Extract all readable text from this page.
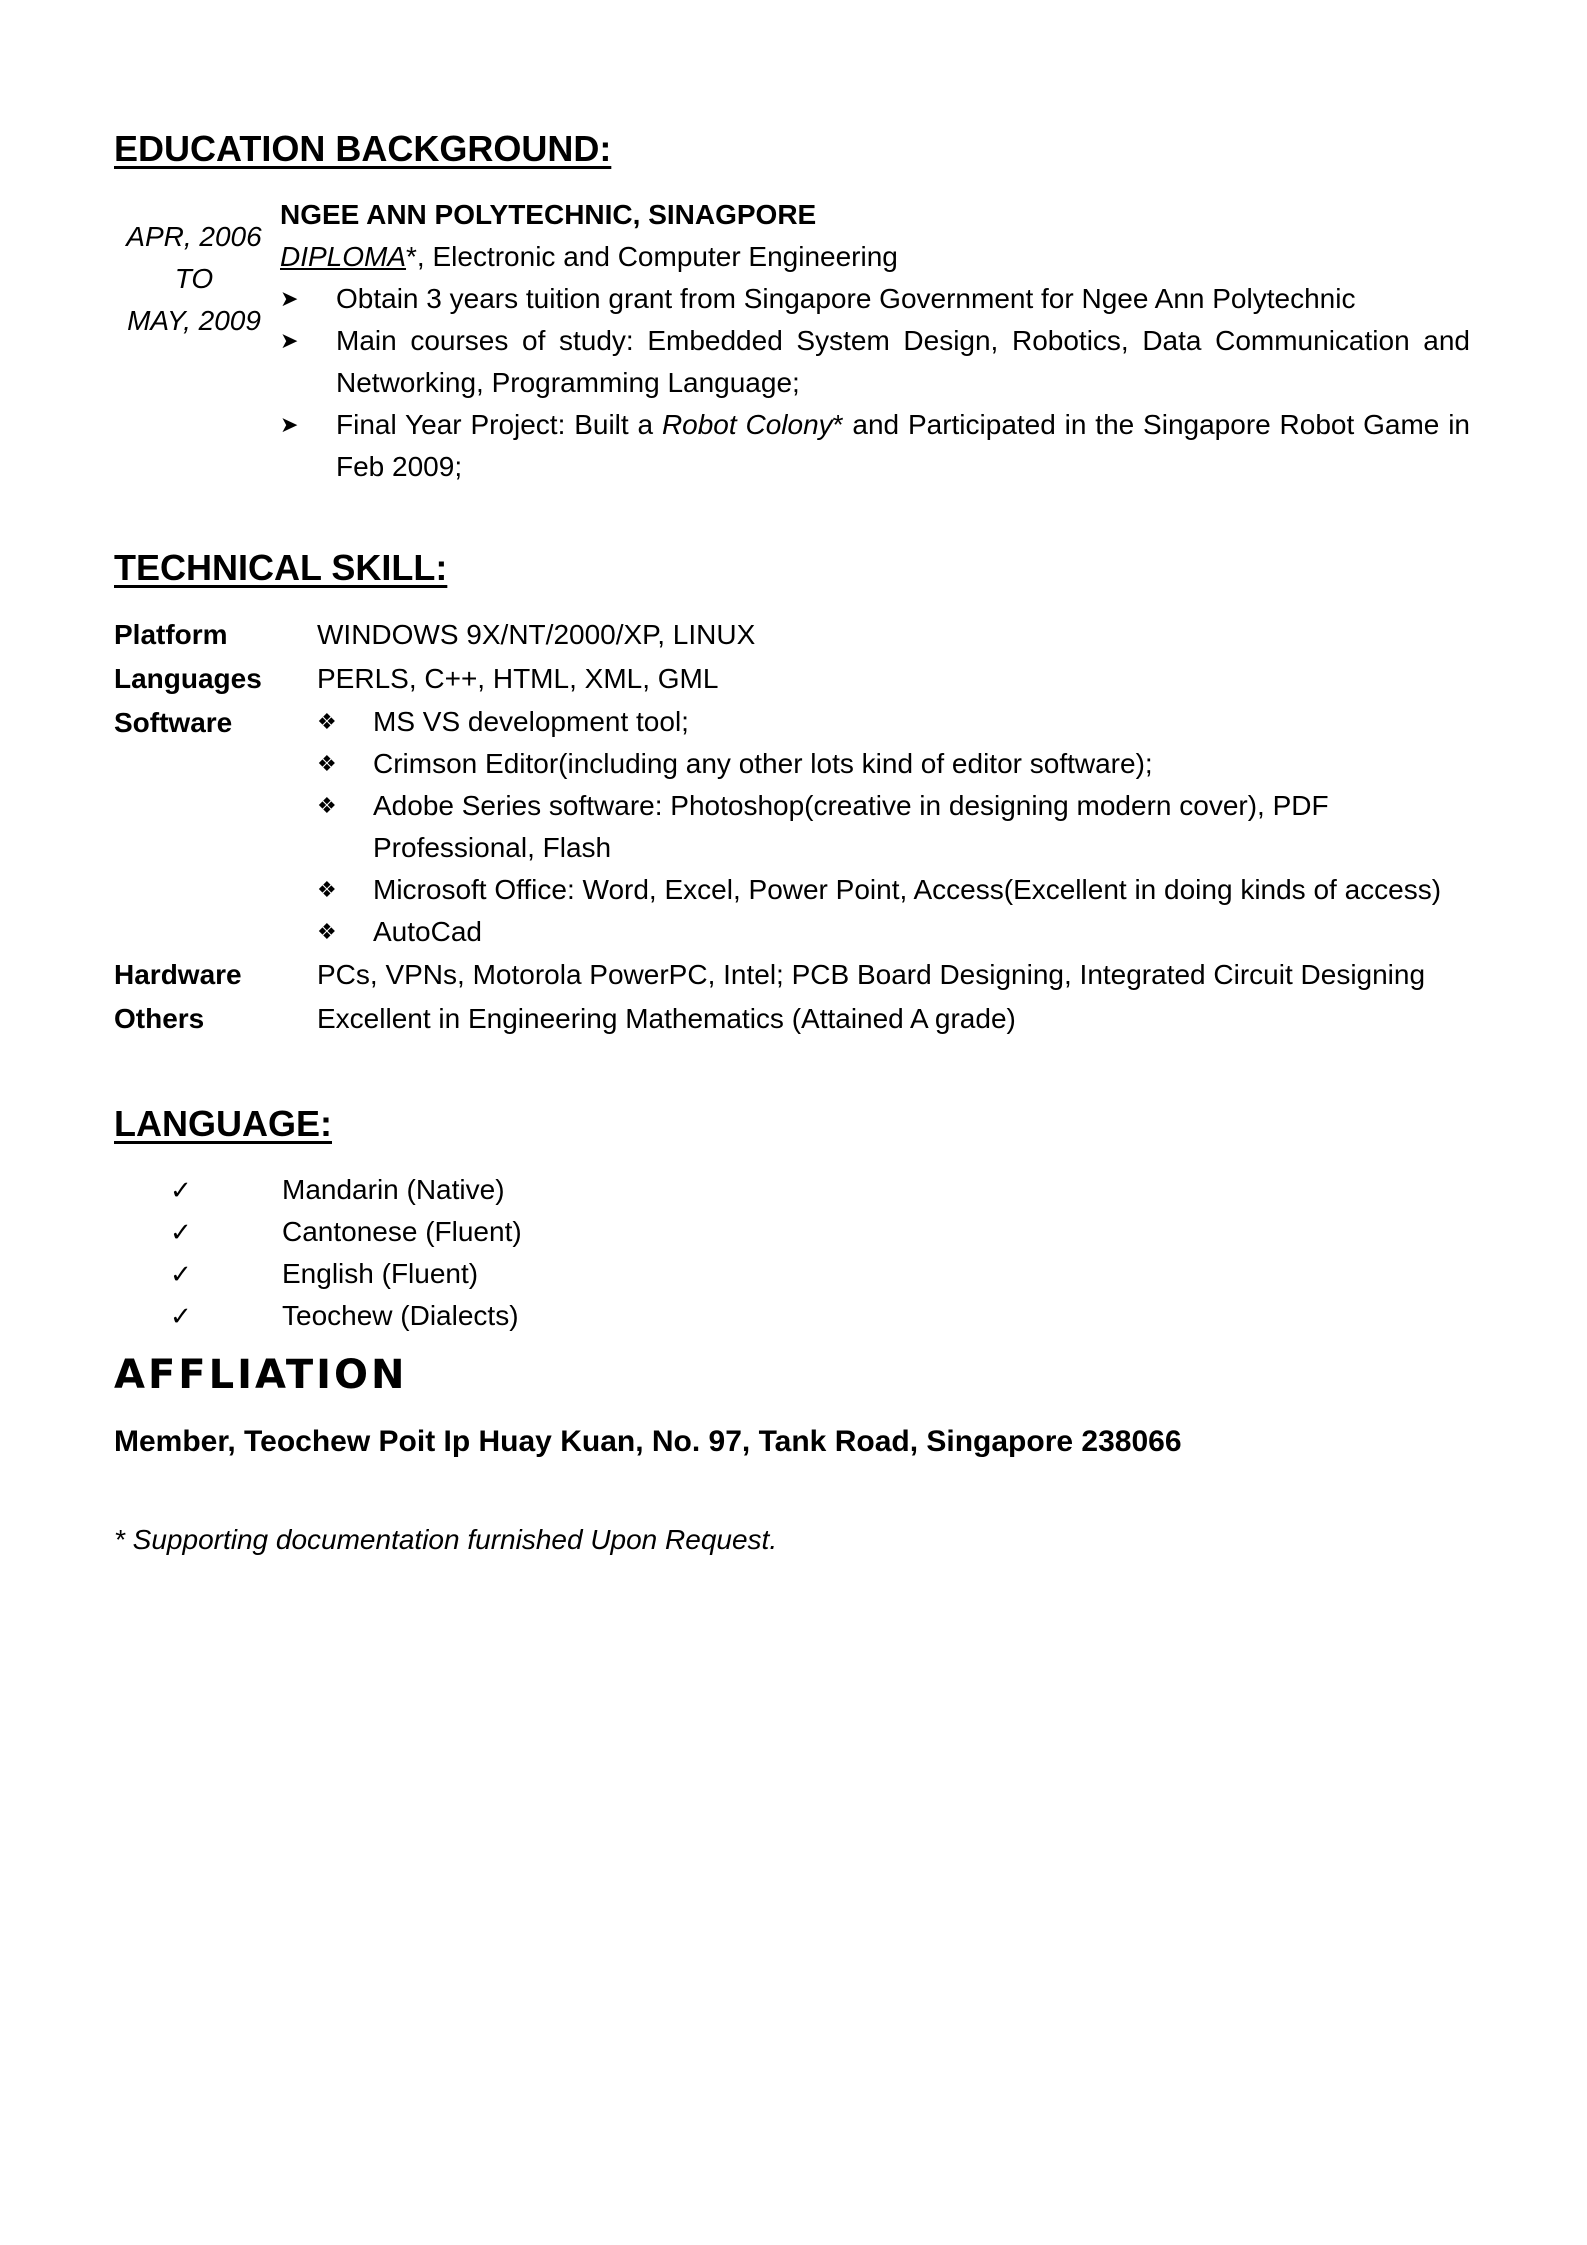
EDUCATION BACKGROUND:
APR, 2006
TO
MAY, 2009
NGEE ANN POLYTECHNIC, SINAGPORE
DIPLOMA*, Electronic and Computer Engineering
➤	Obtain 3 years tuition grant from Singapore Government for Ngee Ann Polytechnic
➤	Main courses of study: Embedded System Design, Robotics, Data Communication and Networking, Programming Language;
➤	Final Year Project: Built a Robot Colony* and Participated in the Singapore Robot Game in Feb 2009;
TECHNICAL SKILL:
Platform	WINDOWS 9X/NT/2000/XP, LINUX
Languages	PERLS, C++, HTML, XML, GML
Software	❖	MS VS development tool;
❖	Crimson Editor(including any other lots kind of editor software);
❖	Adobe Series software: Photoshop(creative in designing modern cover), PDF Professional, Flash
❖	Microsoft Office: Word, Excel, Power Point, Access(Excellent in doing kinds of access)
❖	AutoCad
Hardware	PCs, VPNs, Motorola PowerPC, Intel; PCB Board Designing, Integrated Circuit Designing
Others	Excellent in Engineering Mathematics (Attained A grade)
LANGUAGE:
✓	Mandarin (Native)
✓	Cantonese (Fluent)
✓	English (Fluent)
✓	Teochew (Dialects)
AFFLIATION
Member, Teochew Poit Ip Huay Kuan, No. 97, Tank Road, Singapore 238066
* Supporting documentation furnished Upon Request.
